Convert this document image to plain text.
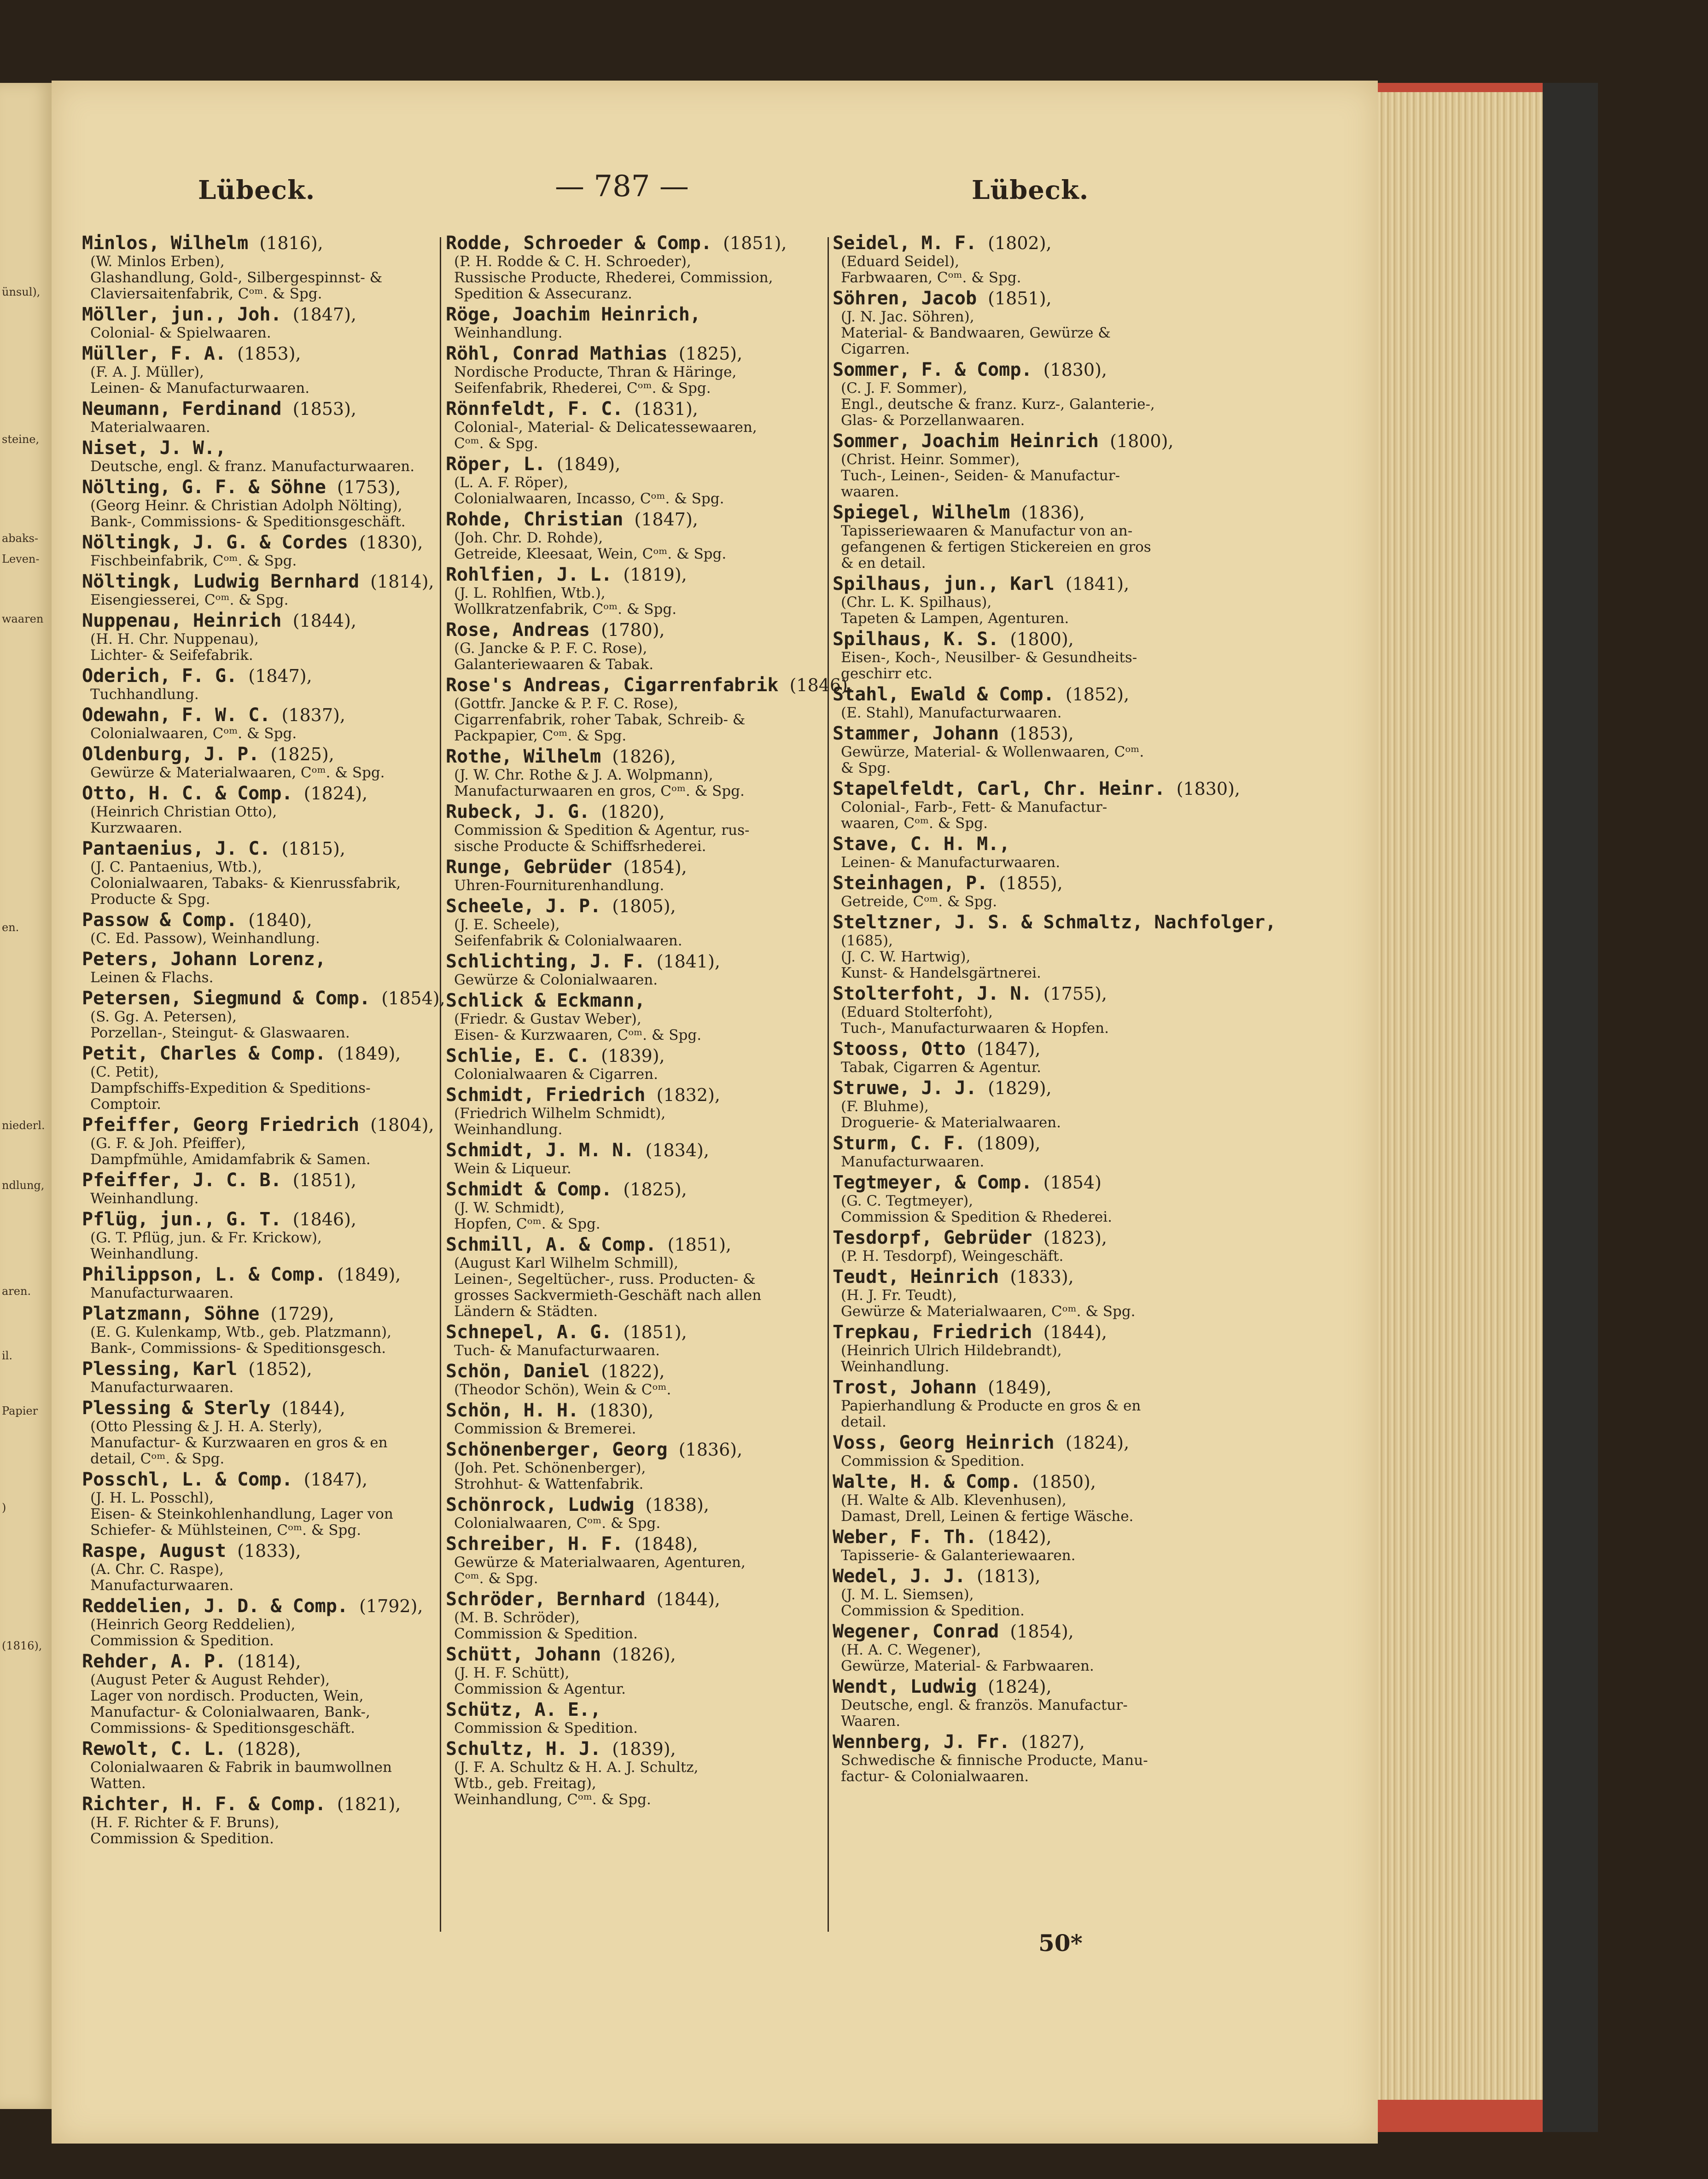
ünsul),
steine,
abaks-
Leven-
waaren
en.
niederl.
ndlung,
aren.
il.
Papier
)
(1816),
Lübeck.	— 787 —	Lübeck.
Minlos, Wilhelm (1816),
(W. Minlos Erben),
Glashandlung, Gold-, Silbergespinnst- &
Claviersaitenfabrik, Cᵒᵐ. & Spg.
Möller, jun., Joh. (1847),
Colonial- & Spielwaaren.
Müller, F. A. (1853),
(F. A. J. Müller),
Leinen- & Manufacturwaaren.
Neumann, Ferdinand (1853),
Materialwaaren.
Niset, J. W.,
Deutsche, engl. & franz. Manufacturwaaren.
Nölting, G. F. & Söhne (1753),
(Georg Heinr. & Christian Adolph Nölting),
Bank-, Commissions- & Speditionsgeschäft.
Nöltingk, J. G. & Cordes (1830),
Fischbeinfabrik, Cᵒᵐ. & Spg.
Nöltingk, Ludwig Bernhard (1814),
Eisengiesserei, Cᵒᵐ. & Spg.
Nuppenau, Heinrich (1844),
(H. H. Chr. Nuppenau),
Lichter- & Seifefabrik.
Oderich, F. G. (1847),
Tuchhandlung.
Odewahn, F. W. C. (1837),
Colonialwaaren, Cᵒᵐ. & Spg.
Oldenburg, J. P. (1825),
Gewürze & Materialwaaren, Cᵒᵐ. & Spg.
Otto, H. C. & Comp. (1824),
(Heinrich Christian Otto),
Kurzwaaren.
Pantaenius, J. C. (1815),
(J. C. Pantaenius, Wtb.),
Colonialwaaren, Tabaks- & Kienrussfabrik,
Producte & Spg.
Passow & Comp. (1840),
(C. Ed. Passow), Weinhandlung.
Peters, Johann Lorenz,
Leinen & Flachs.
Petersen, Siegmund & Comp. (1854),
(S. Gg. A. Petersen),
Porzellan-, Steingut- & Glaswaaren.
Petit, Charles & Comp. (1849),
(C. Petit),
Dampfschiffs-Expedition & Speditions-
Comptoir.
Pfeiffer, Georg Friedrich (1804),
(G. F. & Joh. Pfeiffer),
Dampfmühle, Amidamfabrik & Samen.
Pfeiffer, J. C. B. (1851),
Weinhandlung.
Pflüg, jun., G. T. (1846),
(G. T. Pflüg, jun. & Fr. Krickow),
Weinhandlung.
Philippson, L. & Comp. (1849),
Manufacturwaaren.
Platzmann, Söhne (1729),
(E. G. Kulenkamp, Wtb., geb. Platzmann),
Bank-, Commissions- & Speditionsgesch.
Plessing, Karl (1852),
Manufacturwaaren.
Plessing & Sterly (1844),
(Otto Plessing & J. H. A. Sterly),
Manufactur- & Kurzwaaren en gros & en
detail, Cᵒᵐ. & Spg.
Posschl, L. & Comp. (1847),
(J. H. L. Posschl),
Eisen- & Steinkohlenhandlung, Lager von
Schiefer- & Mühlsteinen, Cᵒᵐ. & Spg.
Raspe, August (1833),
(A. Chr. C. Raspe),
Manufacturwaaren.
Reddelien, J. D. & Comp. (1792),
(Heinrich Georg Reddelien),
Commission & Spedition.
Rehder, A. P. (1814),
(August Peter & August Rehder),
Lager von nordisch. Producten, Wein,
Manufactur- & Colonialwaaren, Bank-,
Commissions- & Speditionsgeschäft.
Rewolt, C. L. (1828),
Colonialwaaren & Fabrik in baumwollnen
Watten.
Richter, H. F. & Comp. (1821),
(H. F. Richter & F. Bruns),
Commission & Spedition.
Rodde, Schroeder & Comp. (1851),
(P. H. Rodde & C. H. Schroeder),
Russische Producte, Rhederei, Commission,
Spedition & Assecuranz.
Röge, Joachim Heinrich,
Weinhandlung.
Röhl, Conrad Mathias (1825),
Nordische Producte, Thran & Häringe,
Seifenfabrik, Rhederei, Cᵒᵐ. & Spg.
Rönnfeldt, F. C. (1831),
Colonial-, Material- & Delicatessewaaren,
Cᵒᵐ. & Spg.
Röper, L. (1849),
(L. A. F. Röper),
Colonialwaaren, Incasso, Cᵒᵐ. & Spg.
Rohde, Christian (1847),
(Joh. Chr. D. Rohde),
Getreide, Kleesaat, Wein, Cᵒᵐ. & Spg.
Rohlfien, J. L. (1819),
(J. L. Rohlfien, Wtb.),
Wollkratzenfabrik, Cᵒᵐ. & Spg.
Rose, Andreas (1780),
(G. Jancke & P. F. C. Rose),
Galanteriewaaren & Tabak.
Rose's Andreas, Cigarrenfabrik (1846),
(Gottfr. Jancke & P. F. C. Rose),
Cigarrenfabrik, roher Tabak, Schreib- &
Packpapier, Cᵒᵐ. & Spg.
Rothe, Wilhelm (1826),
(J. W. Chr. Rothe & J. A. Wolpmann),
Manufacturwaaren en gros, Cᵒᵐ. & Spg.
Rubeck, J. G. (1820),
Commission & Spedition & Agentur, rus-
sische Producte & Schiffsrhederei.
Runge, Gebrüder (1854),
Uhren-Fourniturenhandlung.
Scheele, J. P. (1805),
(J. E. Scheele),
Seifenfabrik & Colonialwaaren.
Schlichting, J. F. (1841),
Gewürze & Colonialwaaren.
Schlick & Eckmann,
(Friedr. & Gustav Weber),
Eisen- & Kurzwaaren, Cᵒᵐ. & Spg.
Schlie, E. C. (1839),
Colonialwaaren & Cigarren.
Schmidt, Friedrich (1832),
(Friedrich Wilhelm Schmidt),
Weinhandlung.
Schmidt, J. M. N. (1834),
Wein & Liqueur.
Schmidt & Comp. (1825),
(J. W. Schmidt),
Hopfen, Cᵒᵐ. & Spg.
Schmill, A. & Comp. (1851),
(August Karl Wilhelm Schmill),
Leinen-, Segeltücher-, russ. Producten- &
grosses Sackvermieth-Geschäft nach allen
Ländern & Städten.
Schnepel, A. G. (1851),
Tuch- & Manufacturwaaren.
Schön, Daniel (1822),
(Theodor Schön), Wein & Cᵒᵐ.
Schön, H. H. (1830),
Commission & Bremerei.
Schönenberger, Georg (1836),
(Joh. Pet. Schönenberger),
Strohhut- & Wattenfabrik.
Schönrock, Ludwig (1838),
Colonialwaaren, Cᵒᵐ. & Spg.
Schreiber, H. F. (1848),
Gewürze & Materialwaaren, Agenturen,
Cᵒᵐ. & Spg.
Schröder, Bernhard (1844),
(M. B. Schröder),
Commission & Spedition.
Schütt, Johann (1826),
(J. H. F. Schütt),
Commission & Agentur.
Schütz, A. E.,
Commission & Spedition.
Schultz, H. J. (1839),
(J. F. A. Schultz & H. A. J. Schultz,
Wtb., geb. Freitag),
Weinhandlung, Cᵒᵐ. & Spg.
Seidel, M. F. (1802),
(Eduard Seidel),
Farbwaaren, Cᵒᵐ. & Spg.
Söhren, Jacob (1851),
(J. N. Jac. Söhren),
Material- & Bandwaaren, Gewürze &
Cigarren.
Sommer, F. & Comp. (1830),
(C. J. F. Sommer),
Engl., deutsche & franz. Kurz-, Galanterie-,
Glas- & Porzellanwaaren.
Sommer, Joachim Heinrich (1800),
(Christ. Heinr. Sommer),
Tuch-, Leinen-, Seiden- & Manufactur-
waaren.
Spiegel, Wilhelm (1836),
Tapisseriewaaren & Manufactur von an-
gefangenen & fertigen Stickereien en gros
& en detail.
Spilhaus, jun., Karl (1841),
(Chr. L. K. Spilhaus),
Tapeten & Lampen, Agenturen.
Spilhaus, K. S. (1800),
Eisen-, Koch-, Neusilber- & Gesundheits-
geschirr etc.
Stahl, Ewald & Comp. (1852),
(E. Stahl), Manufacturwaaren.
Stammer, Johann (1853),
Gewürze, Material- & Wollenwaaren, Cᵒᵐ.
& Spg.
Stapelfeldt, Carl, Chr. Heinr. (1830),
Colonial-, Farb-, Fett- & Manufactur-
waaren, Cᵒᵐ. & Spg.
Stave, C. H. M.,
Leinen- & Manufacturwaaren.
Steinhagen, P. (1855),
Getreide, Cᵒᵐ. & Spg.
Steltzner, J. S. & Schmaltz, Nachfolger,
(1685),
(J. C. W. Hartwig),
Kunst- & Handelsgärtnerei.
Stolterfoht, J. N. (1755),
(Eduard Stolterfoht),
Tuch-, Manufacturwaaren & Hopfen.
Stooss, Otto (1847),
Tabak, Cigarren & Agentur.
Struwe, J. J. (1829),
(F. Bluhme),
Droguerie- & Materialwaaren.
Sturm, C. F. (1809),
Manufacturwaaren.
Tegtmeyer, & Comp. (1854)
(G. C. Tegtmeyer),
Commission & Spedition & Rhederei.
Tesdorpf, Gebrüder (1823),
(P. H. Tesdorpf), Weingeschäft.
Teudt, Heinrich (1833),
(H. J. Fr. Teudt),
Gewürze & Materialwaaren, Cᵒᵐ. & Spg.
Trepkau, Friedrich (1844),
(Heinrich Ulrich Hildebrandt),
Weinhandlung.
Trost, Johann (1849),
Papierhandlung & Producte en gros & en
detail.
Voss, Georg Heinrich (1824),
Commission & Spedition.
Walte, H. & Comp. (1850),
(H. Walte & Alb. Klevenhusen),
Damast, Drell, Leinen & fertige Wäsche.
Weber, F. Th. (1842),
Tapisserie- & Galanteriewaaren.
Wedel, J. J. (1813),
(J. M. L. Siemsen),
Commission & Spedition.
Wegener, Conrad (1854),
(H. A. C. Wegener),
Gewürze, Material- & Farbwaaren.
Wendt, Ludwig (1824),
Deutsche, engl. & französ. Manufactur-
Waaren.
Wennberg, J. Fr. (1827),
Schwedische & finnische Producte, Manu-
factur- & Colonialwaaren.
50*
